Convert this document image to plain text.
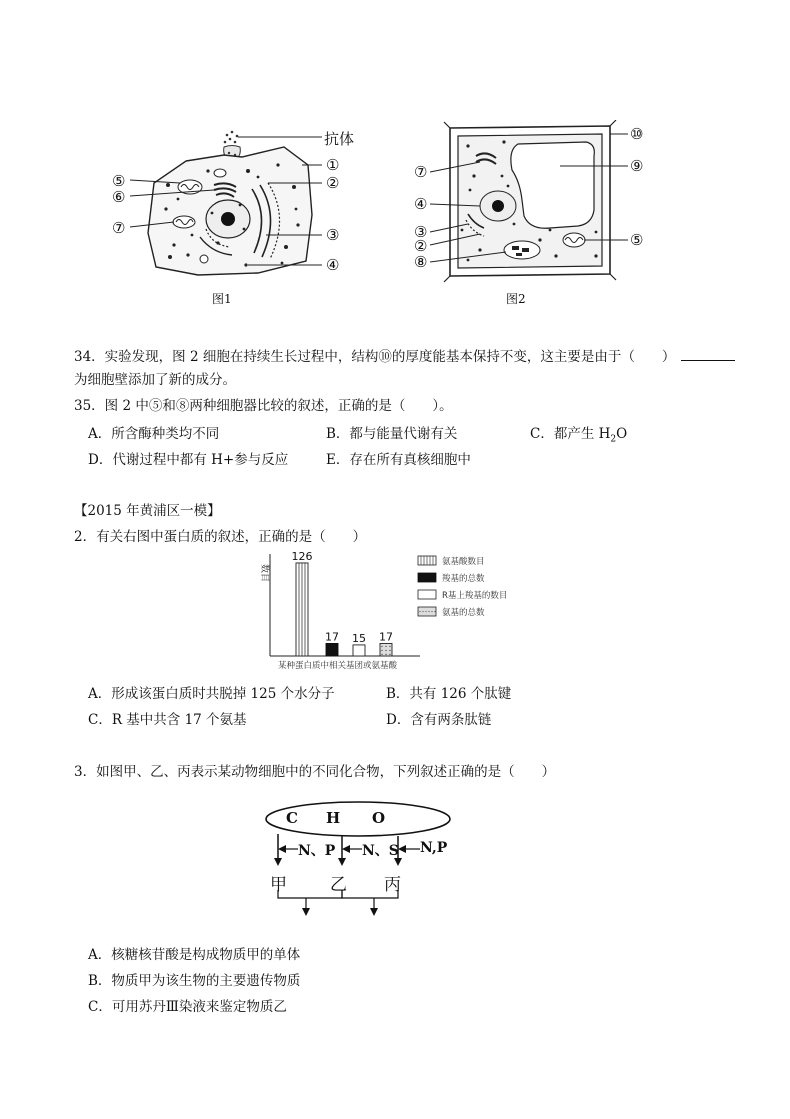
抗体
①
②
③
④
⑤
⑥
⑦
图1
⑩
⑨
⑤
⑦
④
③
②
⑧
图2
34．实验发现，图 2 细胞在持续生长过程中，结构⑩的厚度能基本保持不变，这主要是由于（　　）
为细胞壁添加了新的成分。
35．图 2 中⑤和⑧两种细胞器比较的叙述，正确的是（　　）。
A．所含酶种类均不同	B．都与能量代谢有关	C．都产生 $H_2O$
D．代谢过程中都有 H+参与反应	E．存在所有真核细胞中
【2015 年黄浦区一模】
2．有关右图中蛋白质的叙述，正确的是（　　）
数目
某种蛋白质中相关基团或氨基酸
126
17 15 17
氨基酸数目
羧基的总数
R基上羧基的数目
氨基的总数
A．形成该蛋白质时共脱掉 125 个水分子	B．共有 126 个肽键
C．R 基中共含 17 个氨基	D．含有两条肽链
3．如图甲、乙、丙表示某动物细胞中的不同化合物，下列叙述正确的是（　　）
C H O
N、P N、S N,P
甲	乙 丙
A．核糖核苷酸是构成物质甲的单体
B．物质甲为该生物的主要遗传物质
C．可用苏丹Ⅲ染液来鉴定物质乙
